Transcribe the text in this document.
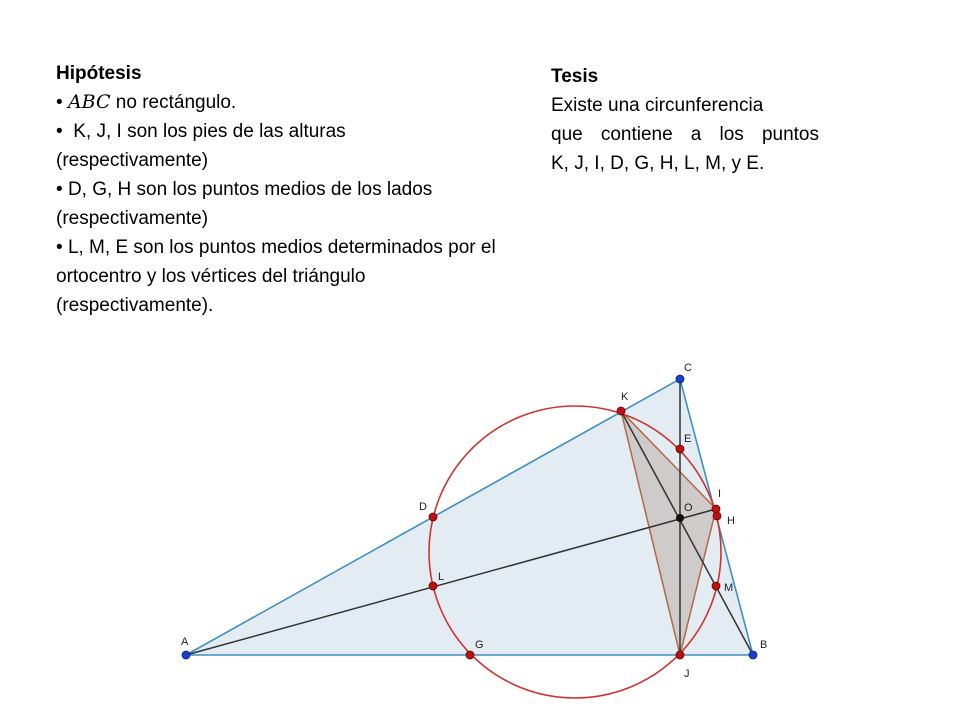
Hipótesis
• ABC no rectángulo.
•  K, J, I son los pies de las alturas (respectivamente)
• D, G, H son los puntos medios de los lados (respectivamente)
• L, M, E son los puntos medios determinados por el ortocentro y los vértices del triángulo (respectivamente).
Tesis
Existe una circunferencia
que contiene a los puntos
K, J, I, D, G, H, L, M, y E.
A	B
C
K
E
I
O
H
D
L
M
G
J
